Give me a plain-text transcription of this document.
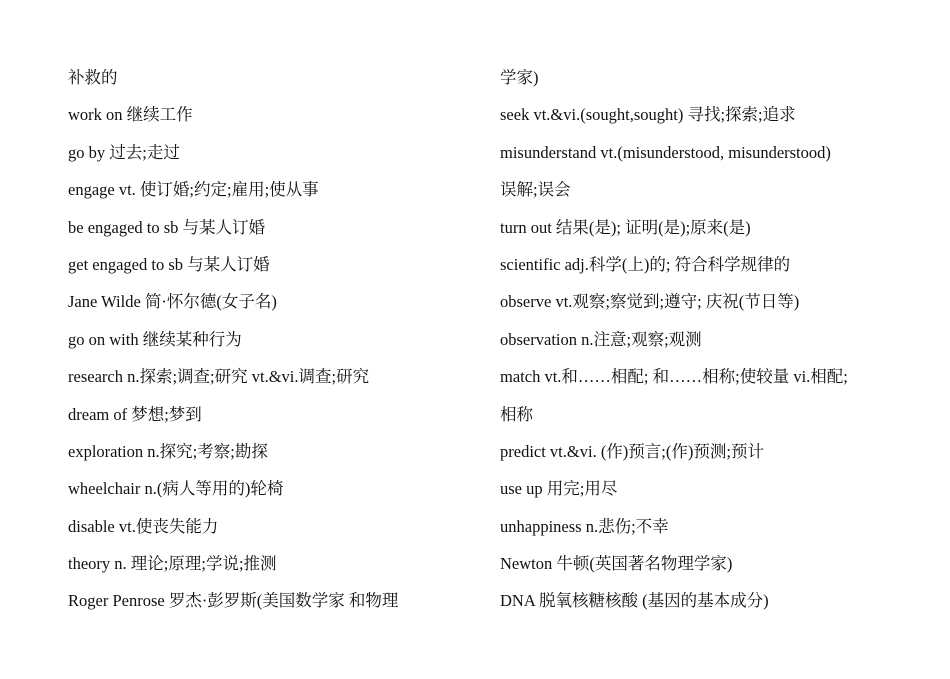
补救的
work on 继续工作
go by 过去;走过
engage vt. 使订婚;约定;雇用;使从事
be engaged to sb 与某人订婚
get engaged to sb 与某人订婚
Jane Wilde 简·怀尔德(女子名)
go on with 继续某种行为
research n.探索;调查;研究 vt.&vi.调查;研究
dream of 梦想;梦到
exploration n.探究;考察;勘探
wheelchair n.(病人等用的)轮椅
disable vt.使丧失能力
theory n. 理论;原理;学说;推测
Roger Penrose 罗杰·彭罗斯(美国数学家 和物理
学家)
seek vt.&vi.(sought,sought) 寻找;探索;追求
misunderstand vt.(misunderstood, misunderstood)
误解;误会
turn out 结果(是); 证明(是);原来(是)
scientific adj.科学(上)的; 符合科学规律的
observe vt.观察;察觉到;遵守; 庆祝(节日等)
observation n.注意;观察;观测
match vt.和……相配; 和……相称;使较量 vi.相配;
相称
predict vt.&vi. (作)预言;(作)预测;预计
use up 用完;用尽
unhappiness n.悲伤;不幸
Newton 牛顿(英国著名物理学家)
DNA 脱氧核糖核酸 (基因的基本成分)
